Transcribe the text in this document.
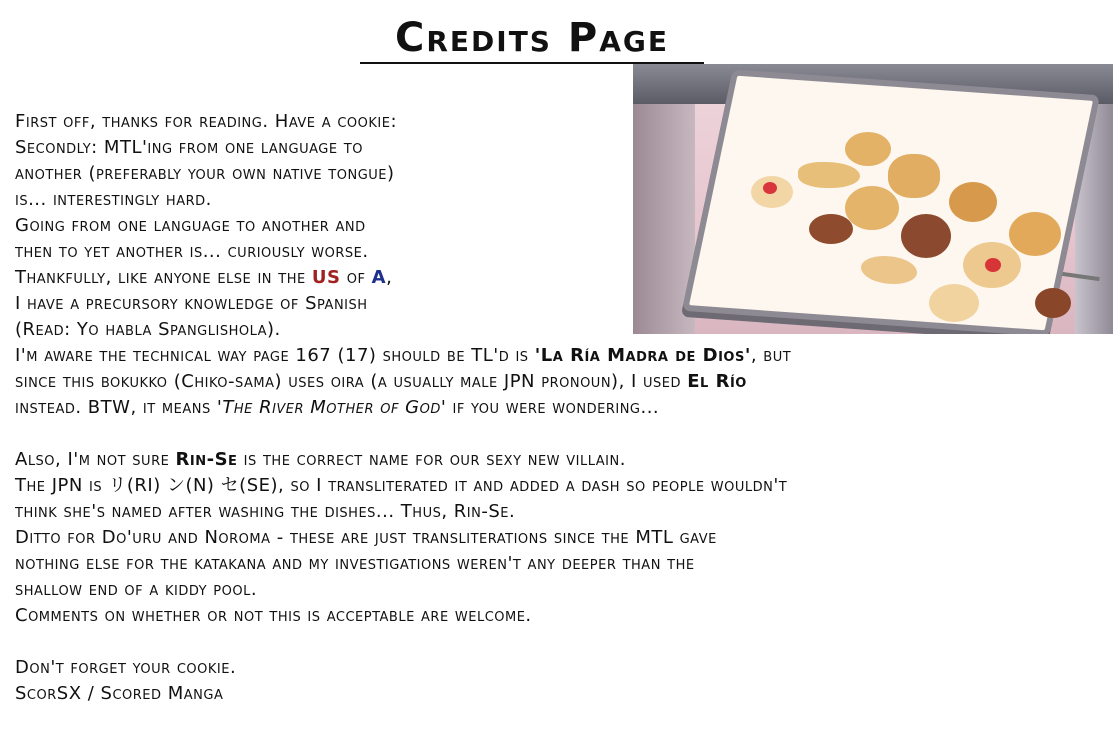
Credits Page
First off, thanks for reading. Have a cookie:
Secondly: MTL'ing from one language to
another (preferably your own native tongue)
is... interestingly hard.
Going from one language to another and
then to yet another is... curiously worse.
Thankfully, like anyone else in the US of A,
I have a precursory knowledge of Spanish
(Read: Yo habla Spanglishola).
I'm aware the technical way page 167 (17) should be TL'd is 'La Ría Madra de Dios', but
since this bokukko (Chiko-sama) uses oira (a usually male JPN pronoun), I used El Río
instead. BTW, it means 'The River Mother of God' if you were wondering...
Also, I'm not sure Rin-Se is the correct name for our sexy new villain.
The JPN is リ(RI) ン(N) セ(SE), so I transliterated it and added a dash so people wouldn't
think she's named after washing the dishes... Thus, Rin-Se.
Ditto for Do'uru and Noroma - these are just transliterations since the MTL gave
nothing else for the katakana and my investigations weren't any deeper than the
shallow end of a kiddy pool.
Comments on whether or not this is acceptable are welcome.
Don't forget your cookie.
ScorSX / Scored Manga
